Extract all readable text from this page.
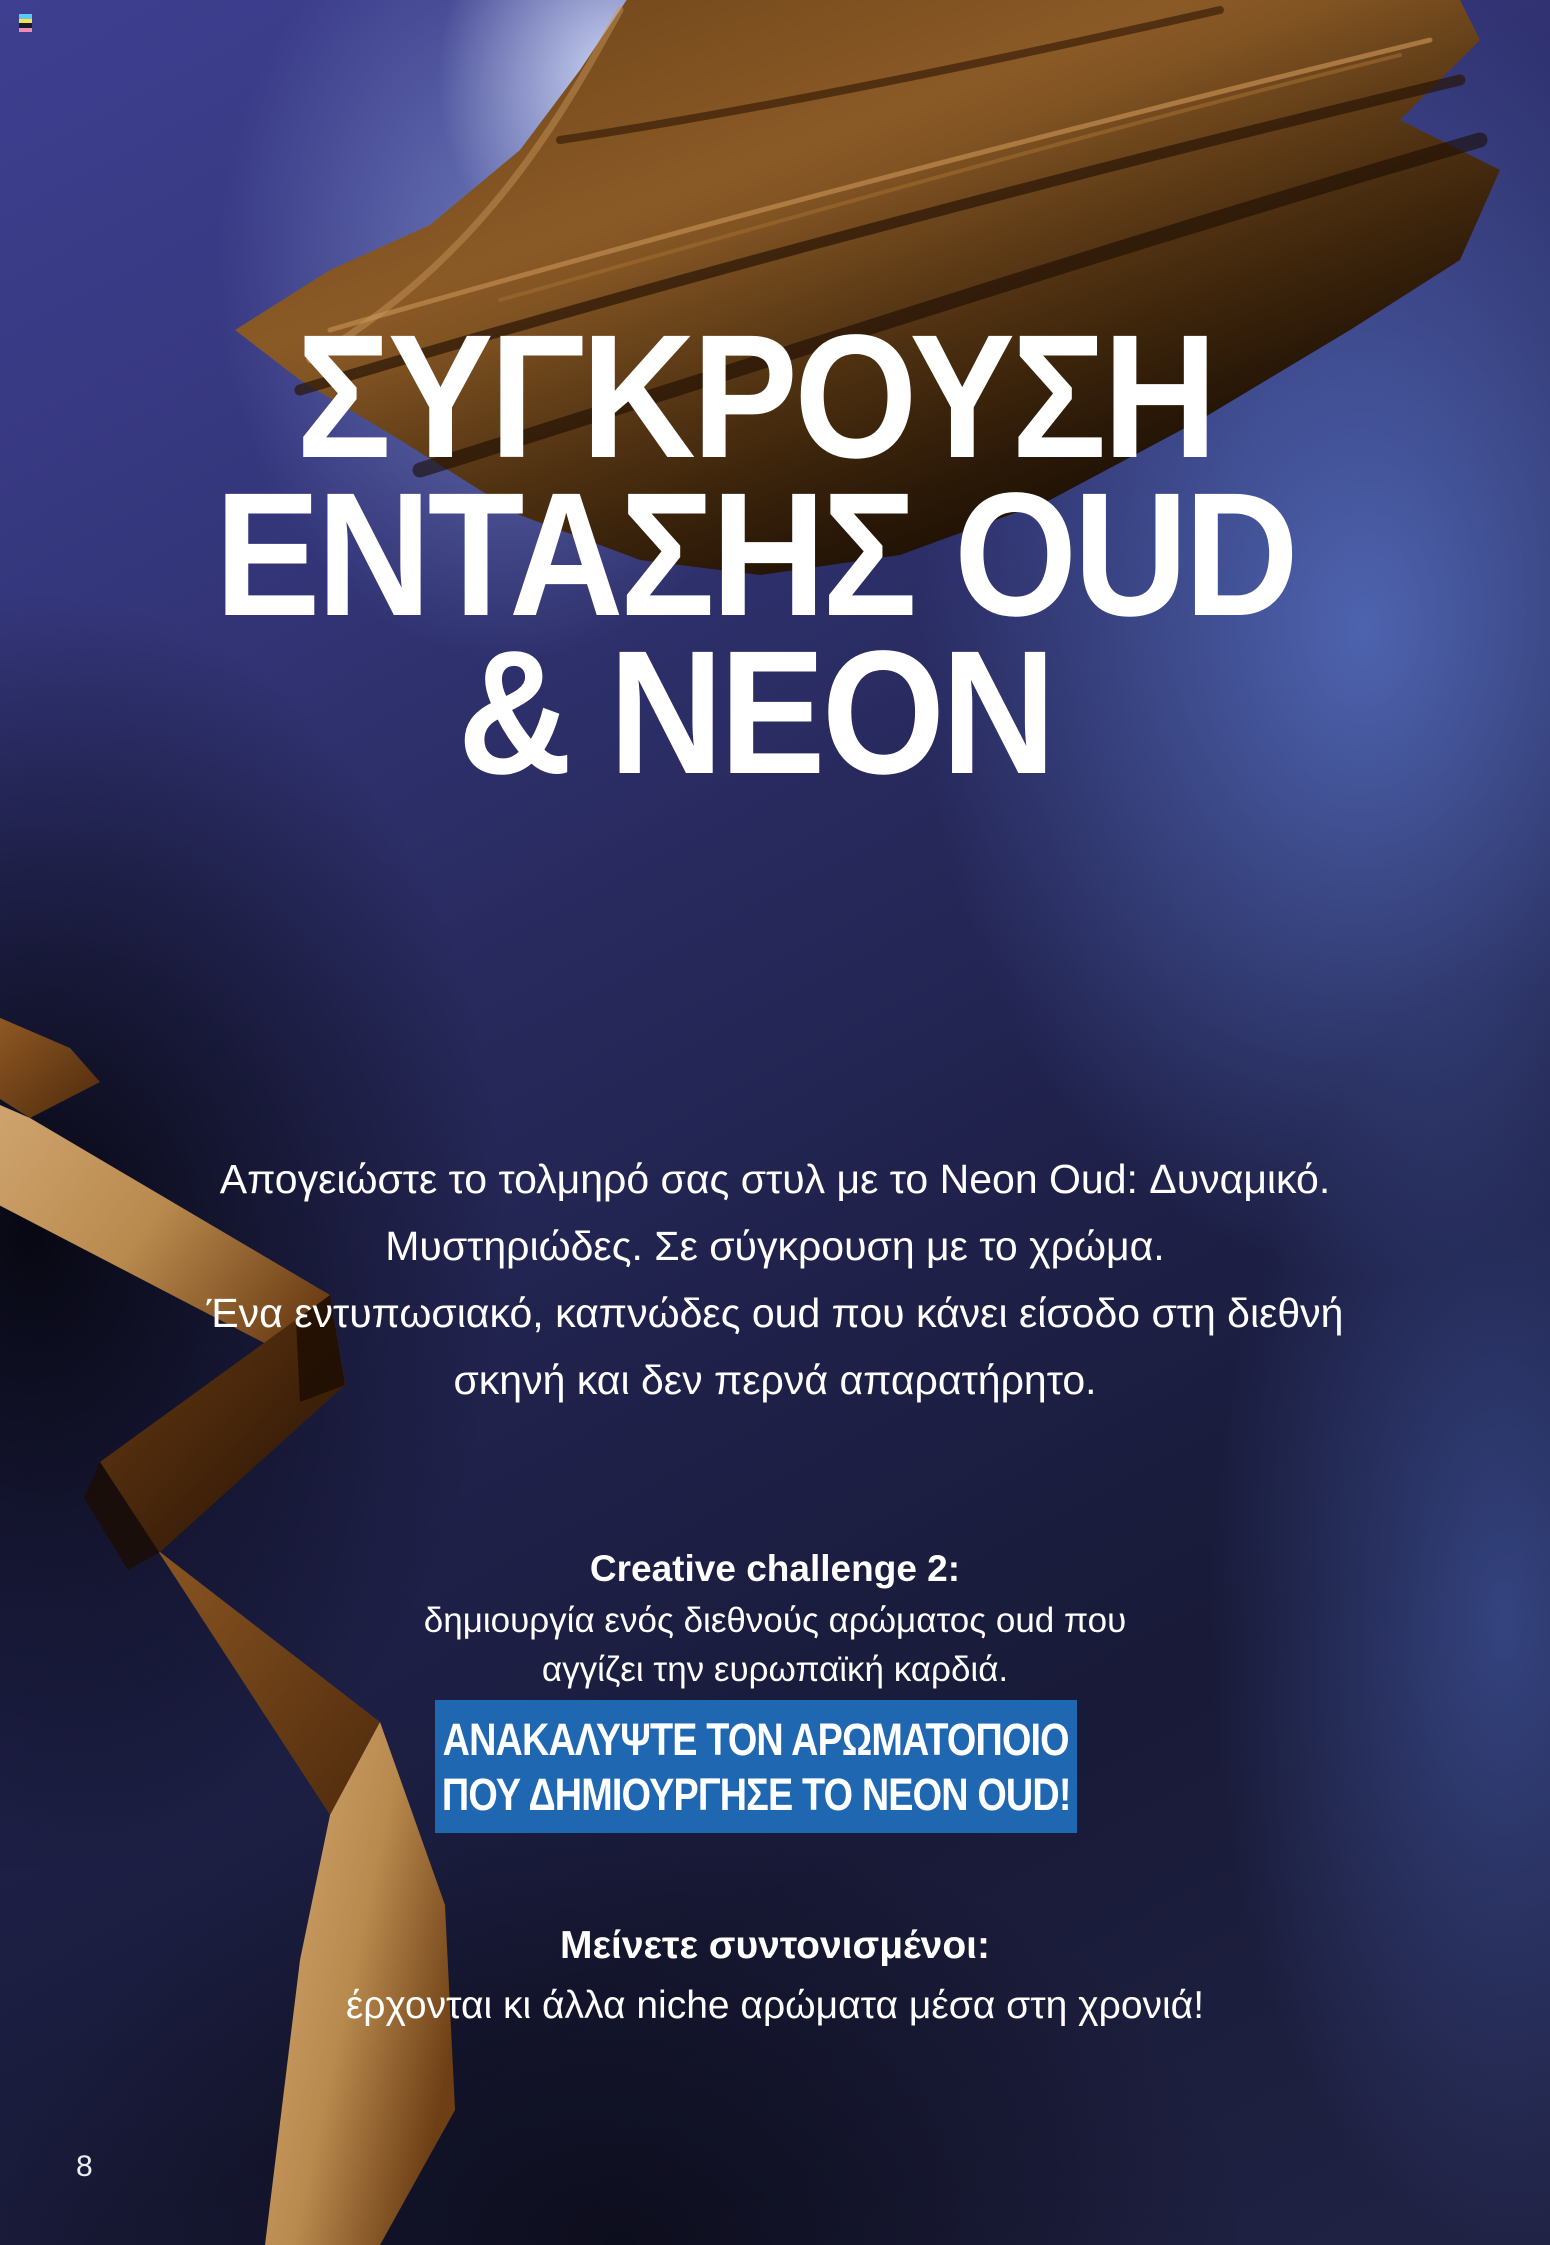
ΣΥΓΚΡΟΥΣΗ
ΕΝΤΑΣΗΣ OUD
& NEON

Απογειώστε το τολμηρό σας στυλ με το Neon Oud: Δυναμικό.

Μυστηριώδες. Σε σύγκρουση με το χρώμα.

Ένα εντυπωσιακό, καπνώδες oud που κάνει είσοδο στη διεθνή

σκηνή και δεν περνά απαρατήρητο.

Creative challenge 2:

δημιουργία ενός διεθνούς αρώματος oud που

αγγίζει την ευρωπαϊκή καρδιά.

ΑΝΑΚΑΛΥΨΤΕ ΤΟΝ ΑΡΩΜΑΤΟΠΟΙΟ
ΠΟΥ ΔΗΜΙΟΥΡΓΗΣΕ ΤΟ NEON OUD!

Μείνετε συντονισμένοι:

έρχονται κι άλλα niche αρώματα μέσα στη χρονιά!

8
